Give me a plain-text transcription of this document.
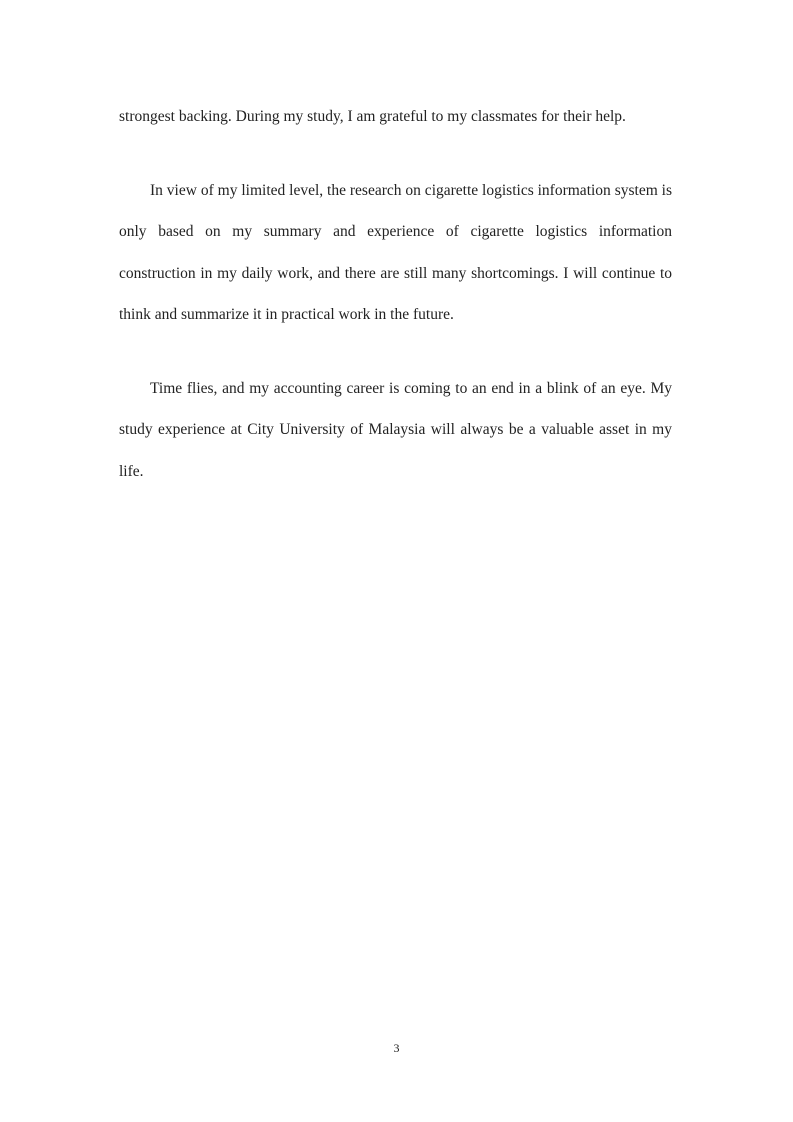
strongest backing. During my study, I am grateful to my classmates for their help.

In view of my limited level, the research on cigarette logistics information system is only based on my summary and experience of cigarette logistics information construction in my daily work, and there are still many shortcomings. I will continue to think and summarize it in practical work in the future.

Time flies, and my accounting career is coming to an end in a blink of an eye. My study experience at City University of Malaysia will always be a valuable asset in my life.

3
